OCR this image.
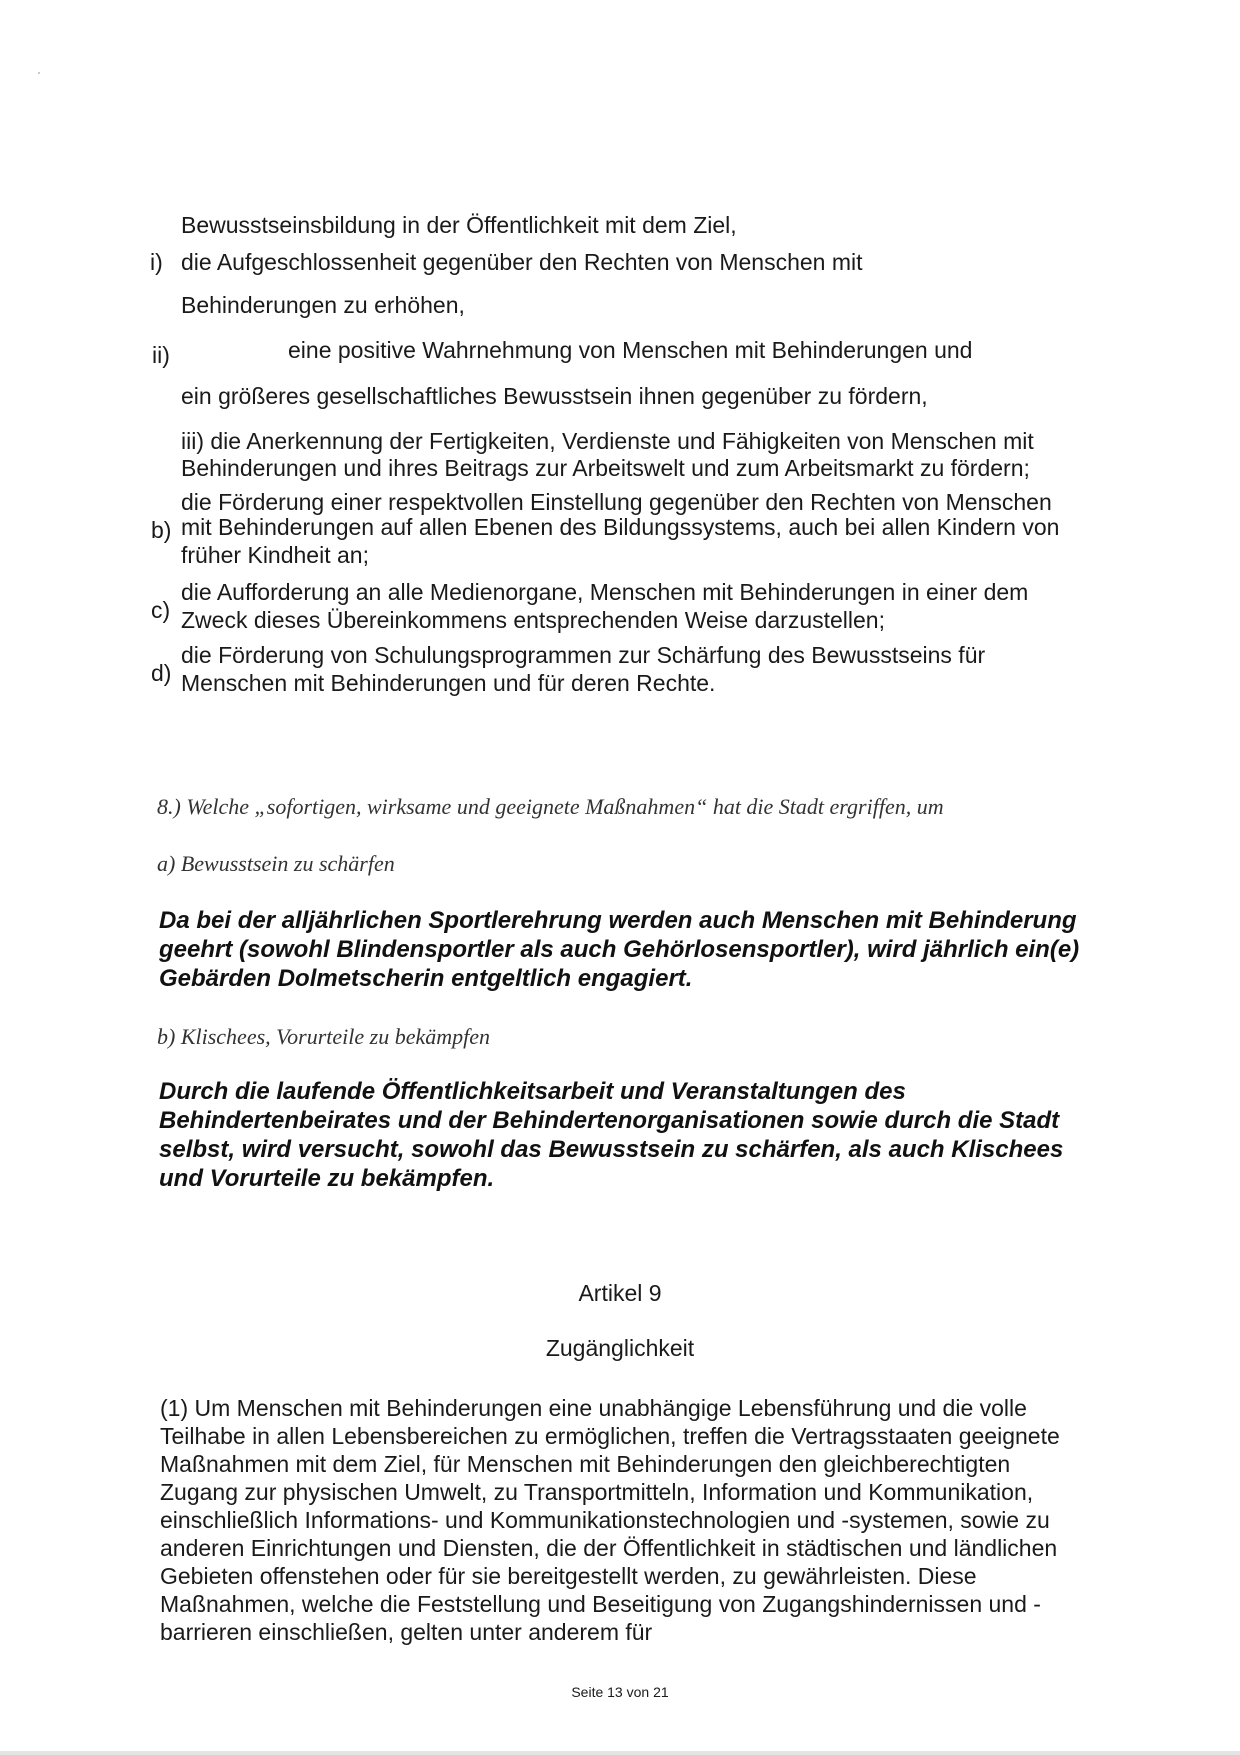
Bewusstseinsbildung in der Öffentlichkeit mit dem Ziel,
i) die Aufgeschlossenheit gegenüber den Rechten von Menschen mit
Behinderungen zu erhöhen,
ii)	eine positive Wahrnehmung von Menschen mit Behinderungen und
ein größeres gesellschaftliches Bewusstsein ihnen gegenüber zu fördern,
iii) die Anerkennung der Fertigkeiten, Verdienste und Fähigkeiten von Menschen mit
Behinderungen und ihres Beitrags zur Arbeitswelt und zum Arbeitsmarkt zu fördern;
die Förderung einer respektvollen Einstellung gegenüber den Rechten von Menschen
b) mit Behinderungen auf allen Ebenen des Bildungssystems, auch bei allen Kindern von
früher Kindheit an;
die Aufforderung an alle Medienorgane, Menschen mit Behinderungen in einer dem
c) Zweck dieses Übereinkommens entsprechenden Weise darzustellen;
die Förderung von Schulungsprogrammen zur Schärfung des Bewusstseins für
d) Menschen mit Behinderungen und für deren Rechte.
8.) Welche „sofortigen, wirksame und geeignete Maßnahmen“ hat die Stadt ergriffen, um
a) Bewusstsein zu schärfen
Da bei der alljährlichen Sportlerehrung werden auch Menschen mit Behinderung
geehrt (sowohl Blindensportler als auch Gehörlosensportler), wird jährlich ein(e)
Gebärden Dolmetscherin entgeltlich engagiert.
b) Klischees, Vorurteile zu bekämpfen
Durch die laufende Öffentlichkeitsarbeit und Veranstaltungen des
Behindertenbeirates und der Behindertenorganisationen sowie durch die Stadt
selbst, wird versucht, sowohl das Bewusstsein zu schärfen, als auch Klischees
und Vorurteile zu bekämpfen.
Artikel 9
Zugänglichkeit
(1) Um Menschen mit Behinderungen eine unabhängige Lebensführung und die volle
Teilhabe in allen Lebensbereichen zu ermöglichen, treffen die Vertragsstaaten geeignete
Maßnahmen mit dem Ziel, für Menschen mit Behinderungen den gleichberechtigten
Zugang zur physischen Umwelt, zu Transportmitteln, Information und Kommunikation,
einschließlich Informations- und Kommunikationstechnologien und -systemen, sowie zu
anderen Einrichtungen und Diensten, die der Öffentlichkeit in städtischen und ländlichen
Gebieten offenstehen oder für sie bereitgestellt werden, zu gewährleisten. Diese
Maßnahmen, welche die Feststellung und Beseitigung von Zugangshindernissen und -
barrieren einschließen, gelten unter anderem für
Seite 13 von 21
